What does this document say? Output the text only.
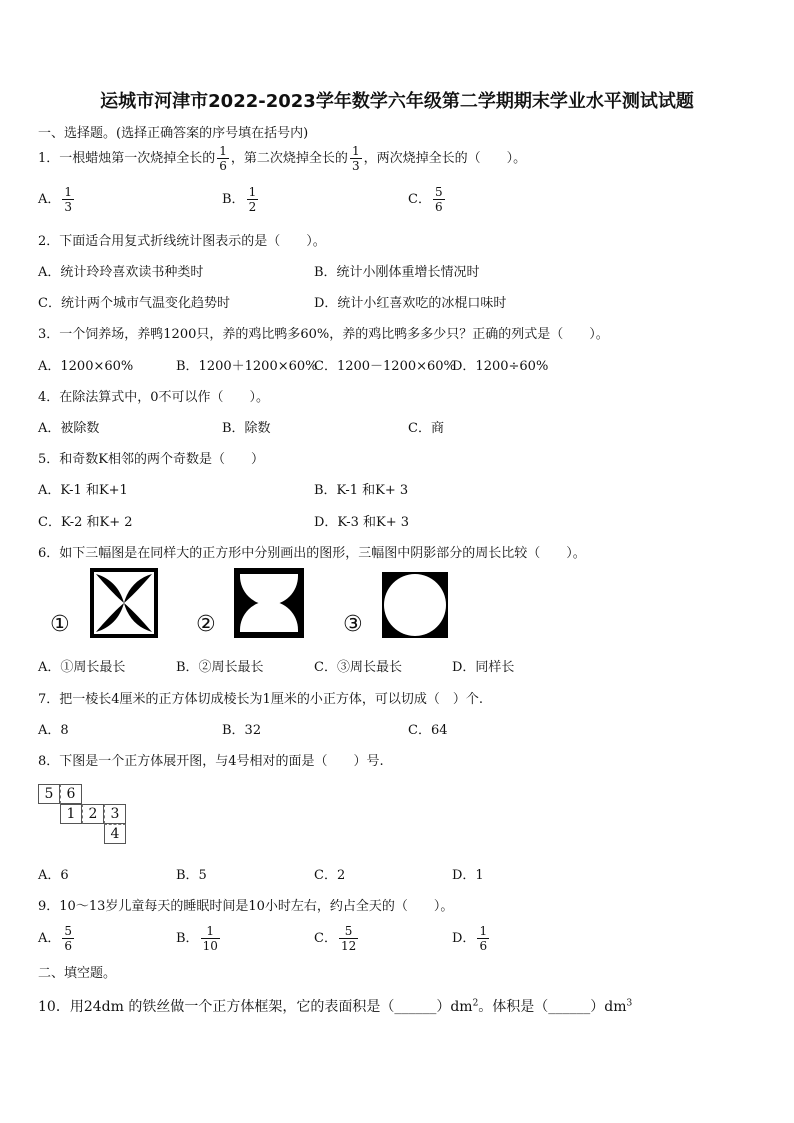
运城市河津市2022-2023学年数学六年级第二学期期末学业水平测试试题
一、选择题。(选择正确答案的序号填在括号内)
1．一根蜡烛第一次烧掉全长的 $\frac{1}{6}$ ，第二次烧掉全长的 $\frac{1}{3}$ ，两次烧掉全长的（　　）。
A． $\frac{1}{3}$	B． $\frac{1}{2}$	C． $\frac{5}{6}$
2．下面适合用复式折线统计图表示的是（　　）。
A．统计玲玲喜欢读书种类时	B．统计小刚体重增长情况时
C．统计两个城市气温变化趋势时	D．统计小红喜欢吃的冰棍口味时
3．一个饲养场，养鸭1200只，养的鸡比鸭多60%，养的鸡比鸭多多少只？正确的列式是（　　）。
A．1200×60%	B．1200＋1200×60%
C．1200－1200×60%
D．1200÷60%
4．在除法算式中，0不可以作（　　）。
A．被除数	B．除数	C．商
5．和奇数K相邻的两个奇数是（　　）
A．K-1 和K+1	B．K-1 和K+ 3
C．K-2 和K+ 2	D．K-3 和K+ 3
6．如下三幅图是在同样大的正方形中分别画出的图形，三幅图中阴影部分的周长比较（　　）。
①	②	③
A．①周长最长	B．②周长最长	C．③周长最长	D．同样长
7．把一棱长4厘米的正方体切成棱长为1厘米的小正方体，可以切成（　）个.
A．8	B．32	C．64
8．下图是一个正方体展开图，与4号相对的面是（　　）号.
5 6
1 2 3
4
A．6	B．5	C．2	D．1
9．10～13岁儿童每天的睡眠时间是10小时左右，约占全天的（　　）。
A． $\frac{5}{6}$	B． $\frac{1}{10}$	C． $\frac{5}{12}$	D． $\frac{1}{6}$
二、填空题。
10．用24dm 的铁丝做一个正方体框架，它的表面积是$(\_\_\_\_\_\_)dm^2$。体积是$(\_\_\_\_\_\_)dm^3$
